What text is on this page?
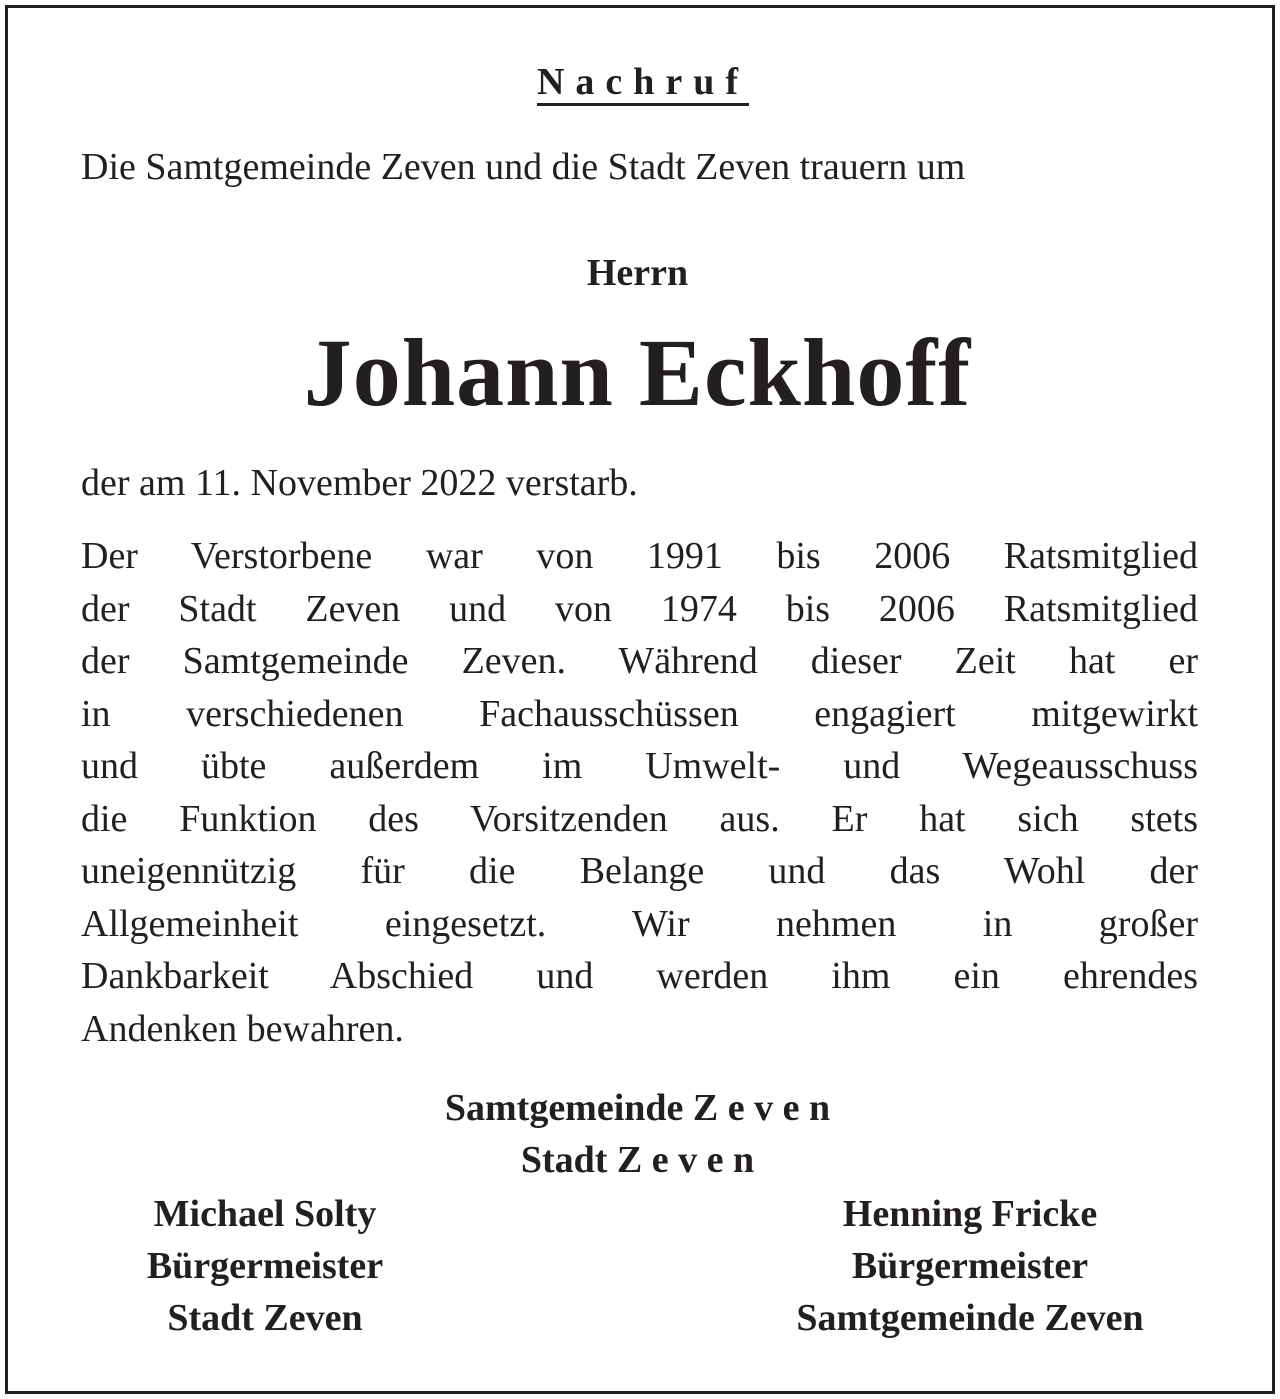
Nachruf
Die Samtgemeinde Zeven und die Stadt Zeven trauern um
Herrn
Johann Eckhoff
der am 11. November 2022 verstarb.
Der Verstorbene war von 1991 bis 2006 Ratsmitglied
der Stadt Zeven und von 1974 bis 2006 Ratsmitglied
der Samtgemeinde Zeven. Während dieser Zeit hat er
in verschiedenen Fachausschüssen engagiert mitgewirkt
und übte außerdem im Umwelt- und Wegeausschuss
die Funktion des Vorsitzenden aus. Er hat sich stets
uneigennützig für die Belange und das Wohl der
Allgemeinheit eingesetzt. Wir nehmen in großer
Dankbarkeit Abschied und werden ihm ein ehrendes
Andenken bewahren.
Samtgemeinde Z e v e n
Stadt Z e v e n
Michael Solty
Bürgermeister
Stadt Zeven
Henning Fricke
Bürgermeister
Samtgemeinde Zeven
